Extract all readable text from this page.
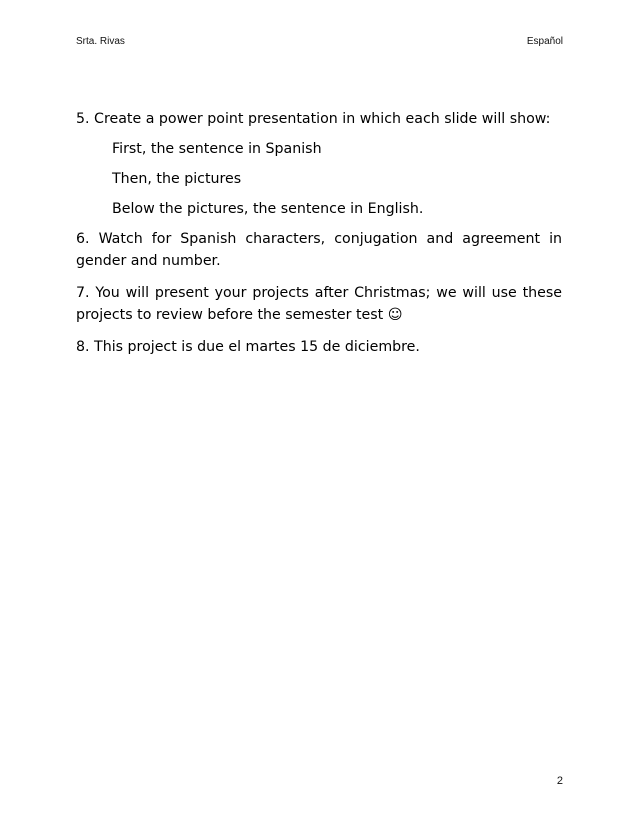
Srta. Rivas	Español

5. Create a power point presentation in which each slide will show:

First, the sentence in Spanish

Then, the pictures

Below the pictures, the sentence in English.

6. Watch for Spanish characters, conjugation and agreement in gender and number.

7. You will present your projects after Christmas; we will use these projects to review before the semester test ☺

8. This project is due el martes 15 de diciembre.

2
